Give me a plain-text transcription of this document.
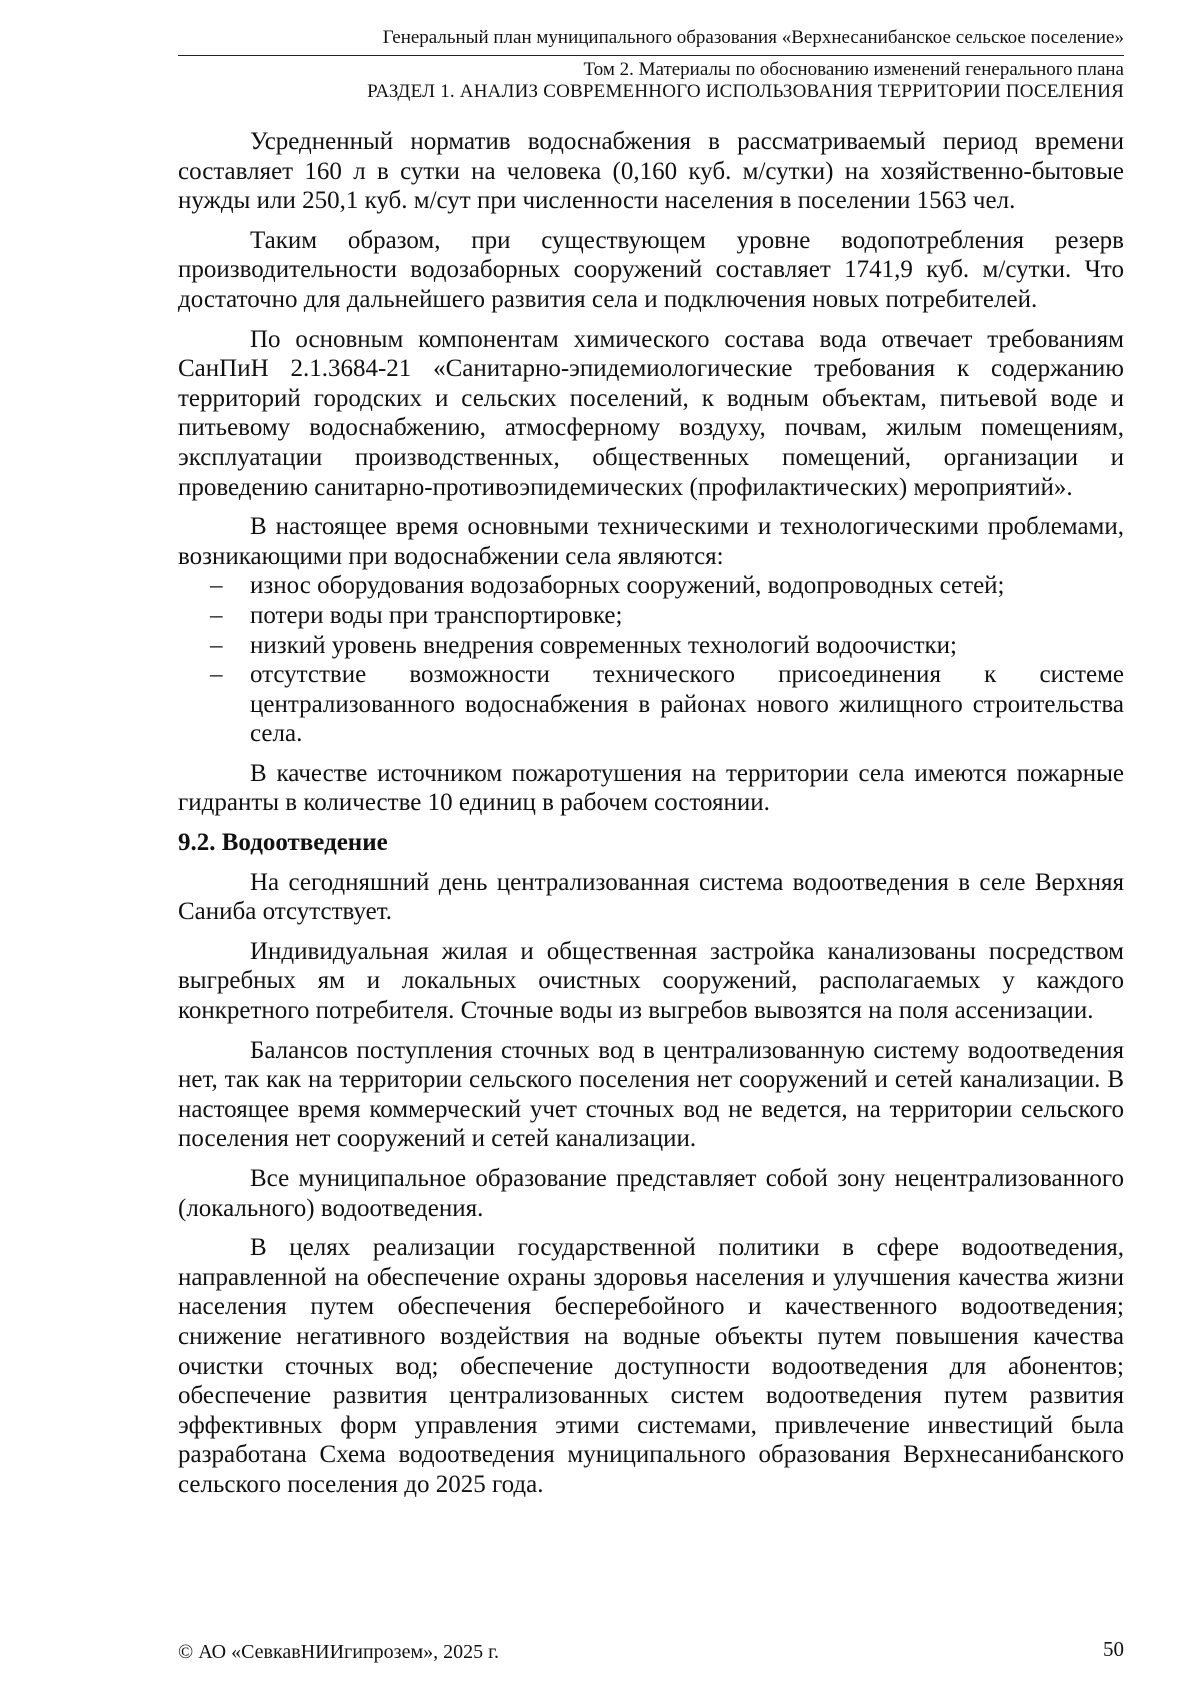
Генеральный план муниципального образования «Верхнесанибанское сельское поселение»
Том 2. Материалы по обоснованию изменений генерального плана
РАЗДЕЛ 1. АНАЛИЗ СОВРЕМЕННОГО ИСПОЛЬЗОВАНИЯ ТЕРРИТОРИИ ПОСЕЛЕНИЯ

Усредненный норматив водоснабжения в рассматриваемый период времени составляет 160 л в сутки на человека (0,160 куб. м/сутки) на хозяйственно-бытовые нужды или 250,1 куб. м/сут при численности населения в поселении 1563 чел.

Таким образом, при существующем уровне водопотребления резерв производительности водозаборных сооружений составляет 1741,9 куб. м/сутки. Что достаточно для дальнейшего развития села и подключения новых потребителей.

По основным компонентам химического состава вода отвечает требованиям СанПиН 2.1.3684-21 «Санитарно-эпидемиологические требования к содержанию территорий городских и сельских поселений, к водным объектам, питьевой воде и питьевому водоснабжению, атмосферному воздуху, почвам, жилым помещениям, эксплуатации производственных, общественных помещений, организации и проведению санитарно-противоэпидемических (профилактических) мероприятий».

В настоящее время основными техническими и технологическими проблемами, возникающими при водоснабжении села являются:

– износ оборудования водозаборных сооружений, водопроводных сетей;
– потери воды при транспортировке;
– низкий уровень внедрения современных технологий водоочистки;
– отсутствие возможности технического присоединения к системе централизованного водоснабжения в районах нового жилищного строительства села.

В качестве источником пожаротушения на территории села имеются пожарные гидранты в количестве 10 единиц в рабочем состоянии.

9.2. Водоотведение

На сегодняшний день централизованная система водоотведения в селе Верхняя Саниба отсутствует.

Индивидуальная жилая и общественная застройка канализованы посредством выгребных ям и локальных очистных сооружений, располагаемых у каждого конкретного потребителя. Сточные воды из выгребов вывозятся на поля ассенизации.

Балансов поступления сточных вод в централизованную систему водоотведения нет, так как на территории сельского поселения нет сооружений и сетей канализации. В настоящее время коммерческий учет сточных вод не ведется, на территории сельского поселения нет сооружений и сетей канализации.

Все муниципальное образование представляет собой зону нецентрализованного (локального) водоотведения.

В целях реализации государственной политики в сфере водоотведения, направленной на обеспечение охраны здоровья населения и улучшения качества жизни населения путем обеспечения бесперебойного и качественного водоотведения; снижение негативного воздействия на водные объекты путем повышения качества очистки сточных вод; обеспечение доступности водоотведения для абонентов; обеспечение развития централизованных систем водоотведения путем развития эффективных форм управления этими системами, привлечение инвестиций была разработана Схема водоотведения муниципального образования Верхнесанибанского сельского поселения до 2025 года.

© АО «СевкавНИИгипрозем», 2025 г.	50
